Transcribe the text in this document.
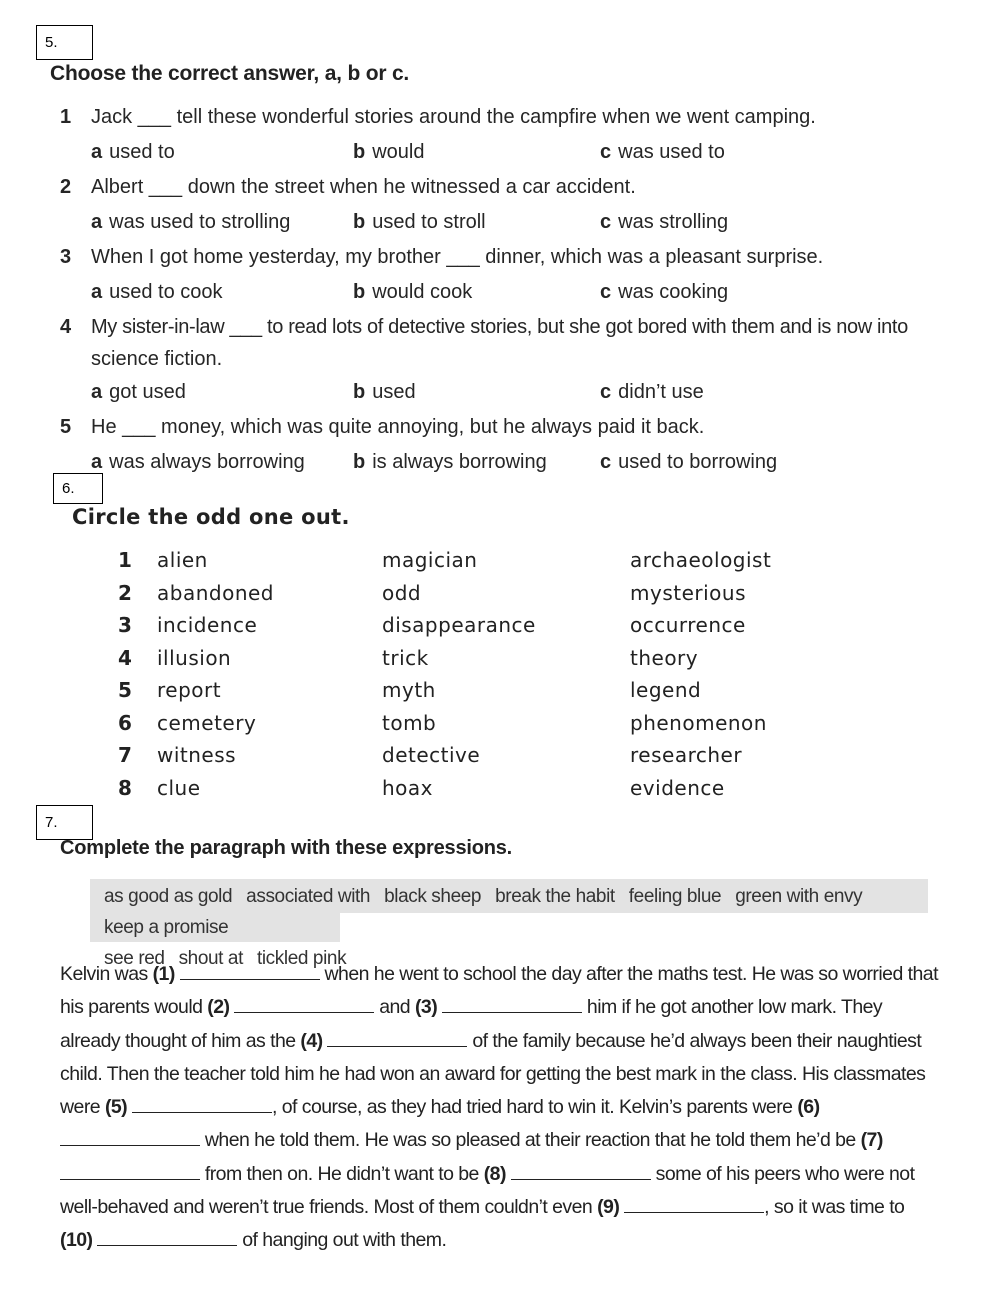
5.
Choose the correct answer, a, b or c.
1 Jack ___ tell these wonderful stories around the campfire when we went camping.
a used to	b would	c was used to
2 Albert ___ down the street when he witnessed a car accident.
a was used to strolling	b used to stroll	c was strolling
3 When I got home yesterday, my brother ___ dinner, which was a pleasant surprise.
a used to cook	b would cook	c was cooking
4 My sister-in-law ___ to read lots of detective stories, but she got bored with them and is now into
science fiction.
a got used	b used	c didn’t use
5 He ___ money, which was quite annoying, but he always paid it back.
a was always borrowing b is always borrowing	c used to borrowing
6.
Circle the odd one out.
1 alien	magician	archaeologist
2 abandoned	odd	mysterious
3 incidence	disappearance	occurrence
4 illusion	trick	theory
5 report	myth	legend
6 cemetery	tomb	phenomenon
7 witness	detective	researcher
8 clue	hoax	evidence
7.
Complete the paragraph with these expressions.
as good as gold associated with black sheep break the habit feeling blue green with envykeep a promise
see red shout at tickled pink
Kelvin was (1)	when he went to school the day after the maths test. He was so worried that his parents would (2)	and (3)	him if he got another low mark. They already thought of him as the (4)	of the family because he’d always been their naughtiest child. Then the teacher told him he had won an award for getting the best mark in the class. His classmates were (5)	, of course, as they had tried hard to win it. Kelvin’s parents were (6)  when he told them. He was so pleased at their reaction that he told them he’d be (7)  from then on. He didn’t want to be (8)	some of his peers who were not well-behaved and weren’t true friends. Most of them couldn’t even (9)	, so it was time to (10)	of hanging out with them.
